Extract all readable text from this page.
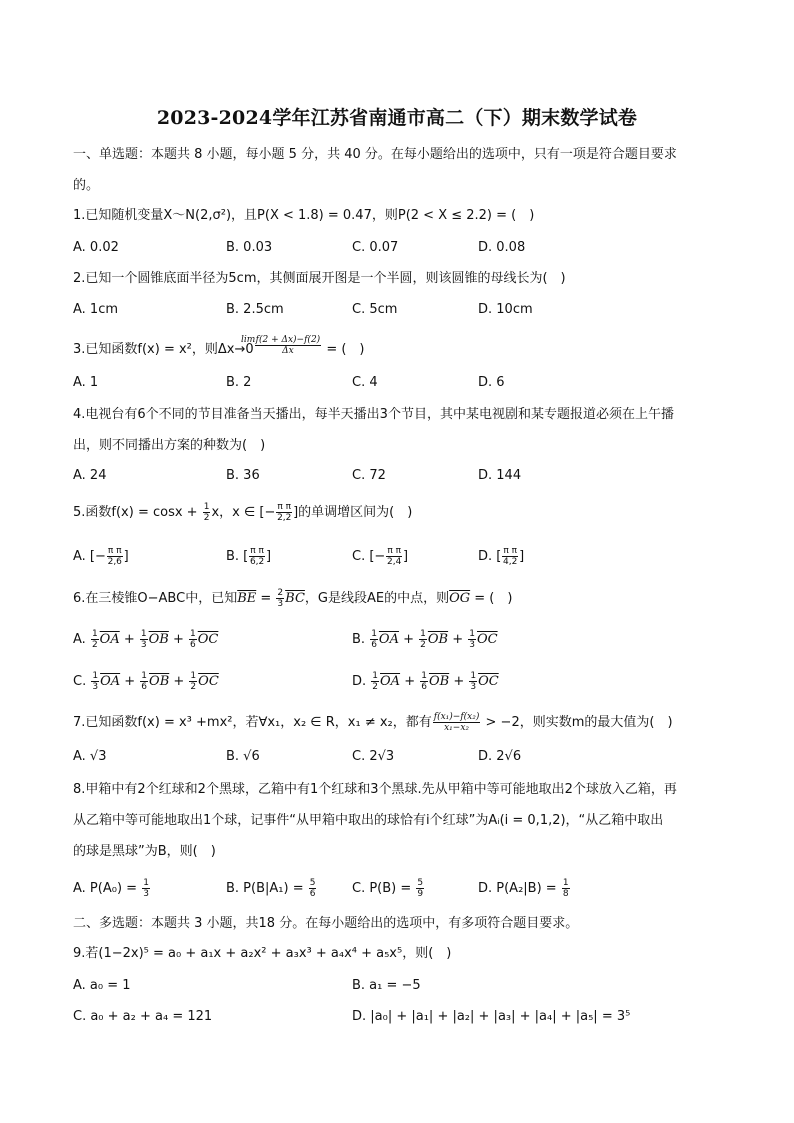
2023-2024学年江苏省南通市高二（下）期末数学试卷
一、单选题：本题共 8 小题，每小题 5 分，共 40 分。在每小题给出的选项中，只有一项是符合题目要求
的。
1.已知随机变量X～N(2,σ²)，且P(X < 1.8) = 0.47，则P(2 < X ≤ 2.2) = (　)
A. 0.02	B. 0.03	C. 0.07	D. 0.08
2.已知一个圆锥底面半径为5cm，其侧面展开图是一个半圆，则该圆锥的母线长为(　)
A. 1cm	B. 2.5cm	C. 5cm	D. 10cm
3.已知函数f(x) = x²，则Δx→0
$\lim \frac{f(2 + \Delta x)-f(2)}{\Delta x}$ = (　)
A. 1	B. 2	C. 4	D. 6
4.电视台有6个不同的节目准备当天播出，每半天播出3个节目，其中某电视剧和某专题报道必须在上午播
出，则不同播出方案的种数为(　)
A. 24	B. 36	C. 72	D. 144
5.函数$f(x) = \cos x + \frac{1}{2}$ x，x ∈ [− $\frac{\text{π π}}{2,2}$ ]的单调增区间为(　)
A. [− $\frac{\text{π π}}{2,6}$ ]	B. [ $\frac{\text{π π}}{6,2}$ ]	C. [− $\frac{\text{π π}}{2,4}$ ]	D. [ $\frac{\text{π π}}{4,2}$ ]
6.在三棱锥O−ABC中，已知$\overline{BE} = \frac{2}{3} \overline{BC}$，G是线段AE的中点，则$\overline{OG}$ = (　)
A. $\frac{1}{2} \overline{OA} + \frac{1}{3} \overline{OB} + \frac{1}{6} \overline{OC}$	B. $\frac{1}{6} \overline{OA} + \frac{1}{2} \overline{OB} + \frac{1}{3} \overline{OC}$
C. $\frac{1}{3} \overline{OA} + \frac{1}{6} \overline{OB} + \frac{1}{2} \overline{OC}$	D. $\frac{1}{2} \overline{OA} + \frac{1}{6} \overline{OB} + \frac{1}{3} \overline{OC}$
7.已知函数f(x) = x³ +mx²，若∀x₁，x₂ ∈ R，x₁ ≠ x₂，都有 $\frac{\text{f(x₁)−f(x₂)}}{\text{x₁−x₂}} > -2$，则实数m的最大值为(　)
A. √3	B. √6	C. 2√3	D. 2√6
8.甲箱中有2个红球和2个黑球，乙箱中有1个红球和3个黑球.先从甲箱中等可能地取出2个球放入乙箱，再
从乙箱中等可能地取出1个球，记事件“从甲箱中取出的球恰有i个红球”为Aᵢ(i = 0,1,2)，“从乙箱中取出
的球是黑球”为B，则(　)
A. $P(A_0) = \frac{1}{3}$	B. $P(B|A_1) = \frac{5}{6}$	C. $P(B) = \frac{5}{9}$	D. $P(A_2|B) = \frac{1}{8}$
二、多选题：本题共 3 小题，共18 分。在每小题给出的选项中，有多项符合题目要求。
9.若(1−2x)⁵ = a₀ + a₁x + a₂x² + a₃x³ + a₄x⁴ + a₅x⁵，则(　)
A. a₀ = 1	B. a₁ = −5
C. a₀ + a₂ + a₄ = 121	D. |a₀| + |a₁| + |a₂| + |a₃| + |a₄| + |a₅| = 3⁵
